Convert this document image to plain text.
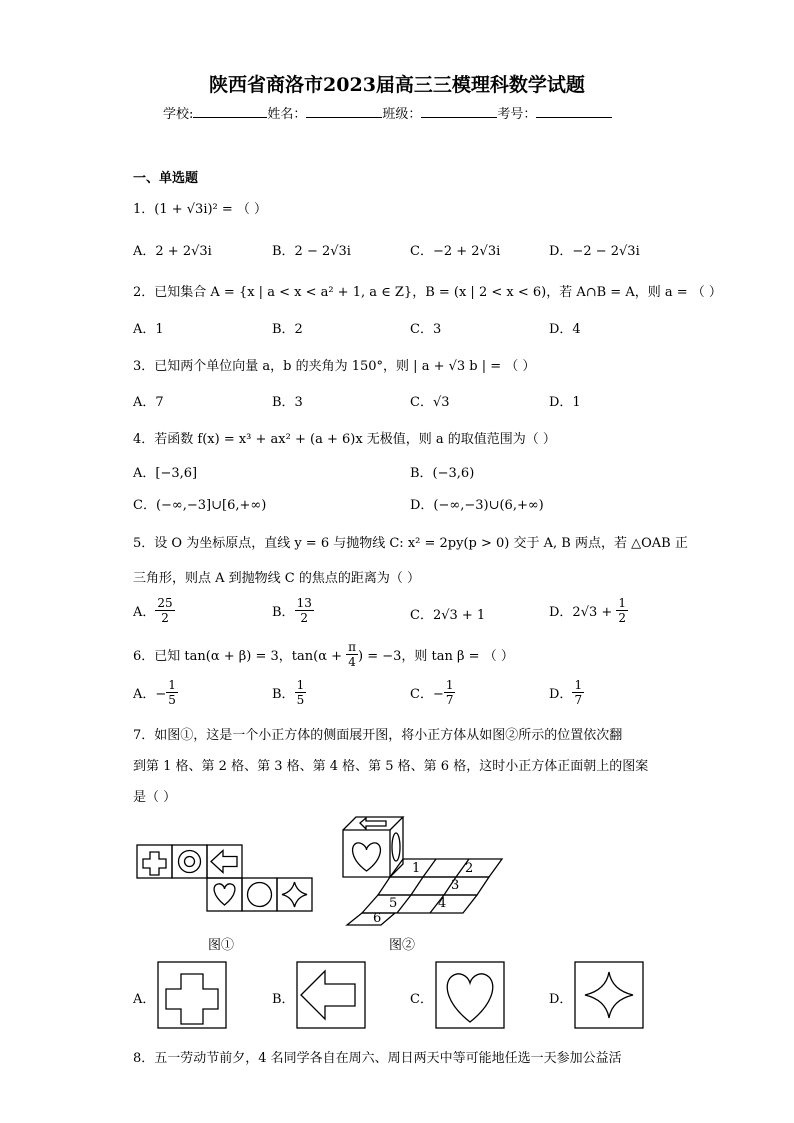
陕西省商洛市2023届高三三模理科数学试题
学校:	姓名：	班级：	考号：
一、单选题
1．(1 + √3i)² = （ ）
A．2 + 2√3i	B．2 − 2√3i	C．−2 + 2√3i	D．−2 − 2√3i
2．已知集合 A = {x | a < x < a² + 1, a ∈ Z}，B = (x | 2 < x < 6)，若 A∩B = A，则 a = （ ）
A．1	B．2	C．3	D．4
3．已知两个单位向量 a，b 的夹角为 150°，则 | a + √3 b | = （ ）
A．7	B．3	C．√3	D．1
4．若函数 f(x) = x³ + ax² + (a + 6)x 无极值，则 a 的取值范围为（ ）
A．[−3,6]	B．(−3,6)
C．(−∞,−3]∪[6,+∞)	D．(−∞,−3)∪(6,+∞)
5．设 O 为坐标原点，直线 y = 6 与抛物线 C: x² = 2py(p > 0) 交于 A, B 两点，若 △OAB 正
三角形，则点 A 到抛物线 C 的焦点的距离为（ ）
A． $\frac{25}{2}$	B． $\frac{13}{2}$	C．2√3 + 1	D．$2√3 + \frac{1}{2}$
6．已知 tan(α + β) = 3，$\tan(\alpha + \frac{\pi}{4}$ ) = −3，则 tan β = （ ）
A．− $\frac{1}{5}$	B． $\frac{1}{5}$	C．− $\frac{1}{7}$	D． $\frac{1}{7}$
7．如图①，这是一个小正方体的侧面展开图，将小正方体从如图②所示的位置依次翻
到第 1 格、第 2 格、第 3 格、第 4 格、第 5 格、第 6 格，这时小正方体正面朝上的图案
是（ ）
1	2
3
4
5
6
图①	图②
A．	B．	C．	D．
8．五一劳动节前夕，4 名同学各自在周六、周日两天中等可能地任选一天参加公益活
